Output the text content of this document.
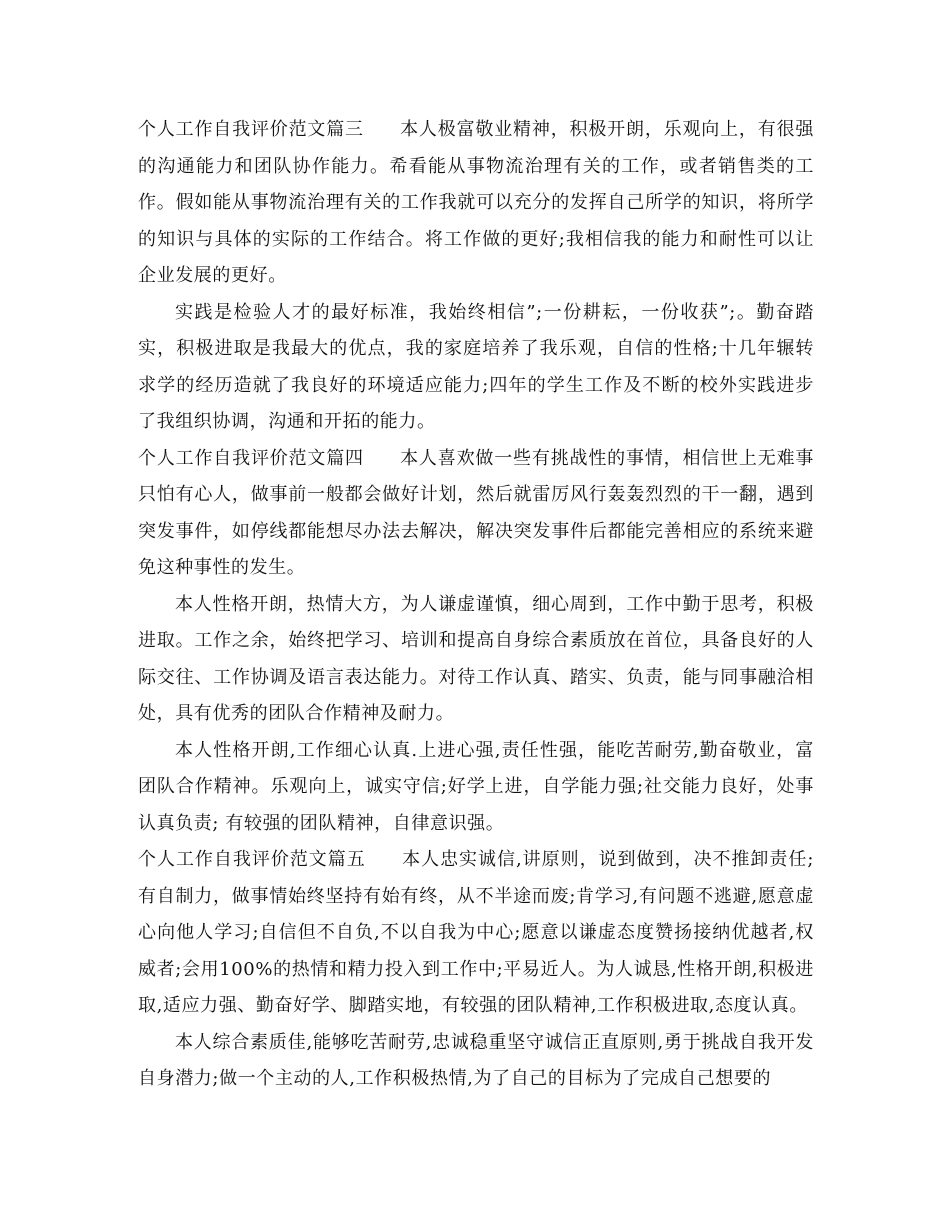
个人工作自我评价范文篇三 本人极富敬业精神，积极开朗，乐观向上，有很强的沟通能力和团队协作能力。希看能从事物流治理有关的工作，或者销售类的工作。假如能从事物流治理有关的工作我就可以充分的发挥自己所学的知识，将所学的知识与具体的实际的工作结合。将工作做的更好;我相信我的能力和耐性可以让企业发展的更好。

实践是检验人才的最好标准，我始终相信”;一份耕耘，一份收获”;。勤奋踏实，积极进取是我最大的优点，我的家庭培养了我乐观，自信的性格;十几年辗转求学的经历造就了我良好的环境适应能力;四年的学生工作及不断的校外实践进步了我组织协调，沟通和开拓的能力。

个人工作自我评价范文篇四 本人喜欢做一些有挑战性的事情，相信世上无难事只怕有心人，做事前一般都会做好计划，然后就雷厉风行轰轰烈烈的干一翻，遇到突发事件，如停线都能想尽办法去解决，解决突发事件后都能完善相应的系统来避免这种事性的发生。

本人性格开朗，热情大方，为人谦虚谨慎，细心周到，工作中勤于思考，积极进取。工作之余，始终把学习、培训和提高自身综合素质放在首位，具备良好的人际交往、工作协调及语言表达能力。对待工作认真、踏实、负责，能与同事融洽相处，具有优秀的团队合作精神及耐力。

本人性格开朗,工作细心认真.上进心强,责任性强，能吃苦耐劳,勤奋敬业，富团队合作精神。乐观向上，诚实守信;好学上进，自学能力强;社交能力良好，处事认真负责; 有较强的团队精神，自律意识强。

个人工作自我评价范文篇五 本人忠实诚信,讲原则，说到做到，决不推卸责任;有自制力，做事情始终坚持有始有终，从不半途而废;肯学习,有问题不逃避,愿意虚心向他人学习;自信但不自负,不以自我为中心;愿意以谦虚态度赞扬接纳优越者,权威者;会用100%的热情和精力投入到工作中;平易近人。为人诚恳,性格开朗,积极进取,适应力强、勤奋好学、脚踏实地，有较强的团队精神,工作积极进取,态度认真。

本人综合素质佳,能够吃苦耐劳,忠诚稳重坚守诚信正直原则,勇于挑战自我开发自身潜力;做一个主动的人,工作积极热情,为了自己的目标为了完成自己想要的
